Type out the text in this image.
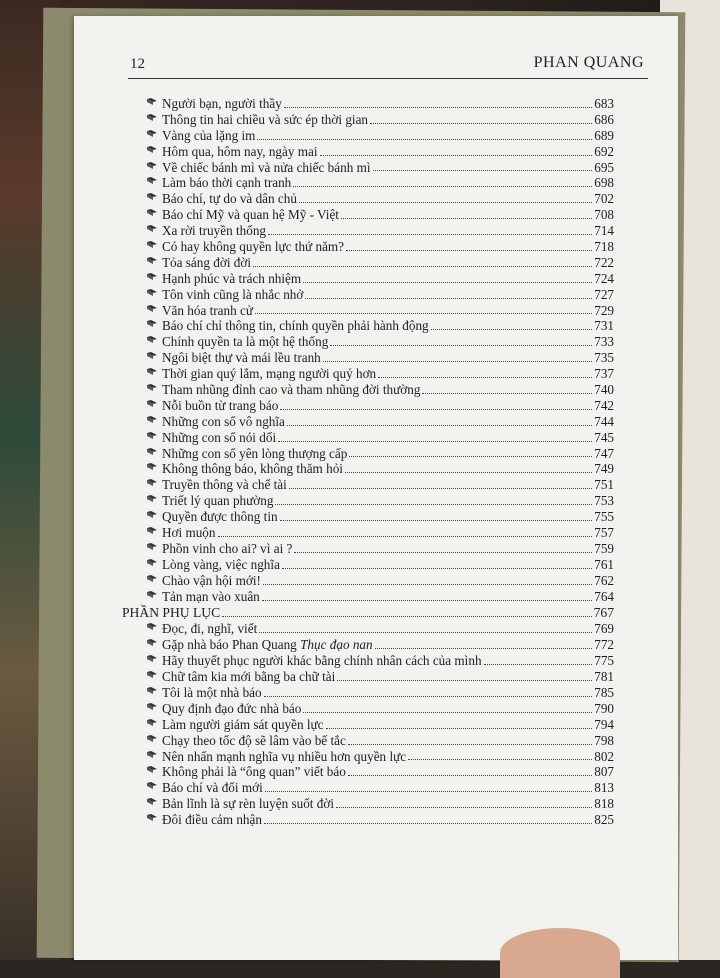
12	PHAN QUANG
Người bạn, người thầy	683
Thông tin hai chiều và sức ép thời gian	686
Vàng của lặng im	689
Hôm qua, hôm nay, ngày mai	692
Về chiếc bánh mì và nửa chiếc bánh mì	695
Làm báo thời cạnh tranh	698
Báo chí, tự do và dân chủ	702
Báo chí Mỹ và quan hệ Mỹ - Việt	708
Xa rời truyền thống	714
Có hay không quyền lực thứ năm?	718
Tỏa sáng đời đời	722
Hạnh phúc và trách nhiệm	724
Tôn vinh cũng là nhắc nhở	727
Văn hóa tranh cử	729
Báo chí chỉ thông tin, chính quyền phải hành động	731
Chính quyền ta là một hệ thống	733
Ngôi biệt thự và mái lều tranh	735
Thời gian quý lắm, mạng người quý hơn	737
Tham nhũng đỉnh cao và tham nhũng đời thường	740
Nỗi buồn từ trang báo	742
Những con số vô nghĩa	744
Những con số nói dối	745
Những con số yên lòng thượng cấp	747
Không thông báo, không thăm hỏi	749
Truyền thông và chế tài	751
Triết lý quan phường	753
Quyền được thông tin	755
Hơi muộn	757
Phồn vinh cho ai? vì ai ?	759
Lòng vàng, việc nghĩa	761
Chào vận hội mới!	762
Tản mạn vào xuân	764
PHẦN PHỤ LỤC	767
Đọc, đi, nghĩ, viết	769
Gặp nhà báo Phan Quang Thục đạo nan	772
Hãy thuyết phục người khác bằng chính nhân cách của mình	775
Chữ tâm kia mới bằng ba chữ tài	781
Tôi là một nhà báo	785
Quy định đạo đức nhà báo	790
Làm người giám sát quyền lực	794
Chạy theo tốc độ sẽ lâm vào bế tắc	798
Nên nhấn mạnh nghĩa vụ nhiều hơn quyền lực	802
Không phải là “ông quan” viết báo	807
Báo chí và đổi mới	813
Bản lĩnh là sự rèn luyện suốt đời	818
Đôi điều cảm nhận	825
